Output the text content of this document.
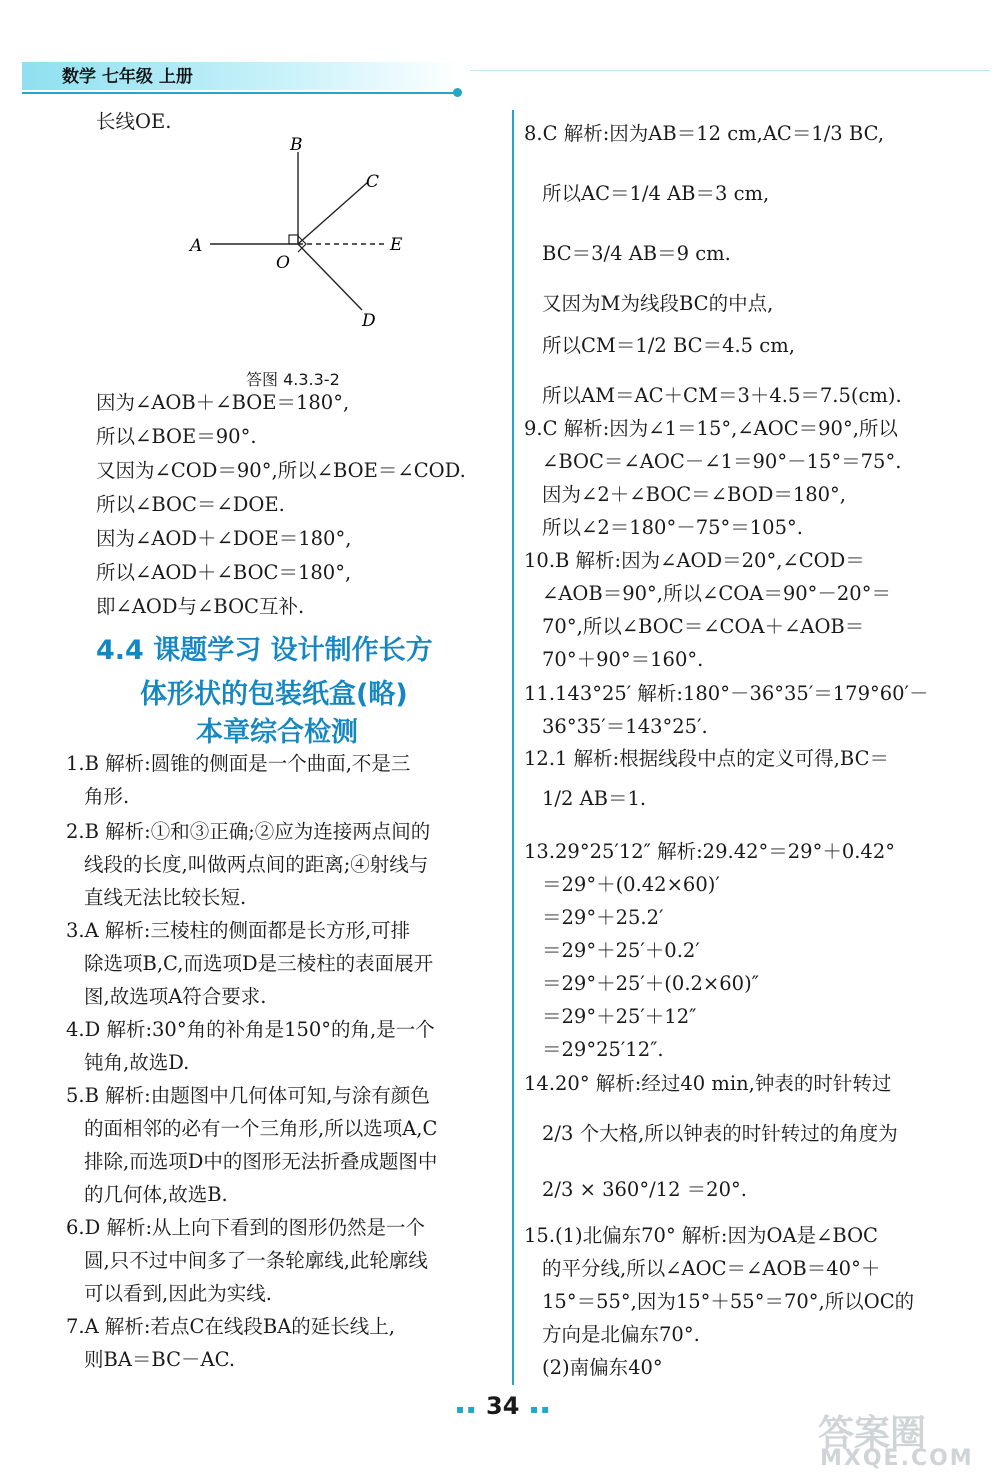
数学 七年级 上册
长线OE.
A
B
C
D
E
O
答图 4.3.3-2
因为∠AOB＋∠BOE＝180°,
所以∠BOE＝90°.
又因为∠COD＝90°,所以∠BOE＝∠COD.
所以∠BOC＝∠DOE.
因为∠AOD＋∠DOE＝180°,
所以∠AOD＋∠BOC＝180°,
即∠AOD与∠BOC互补.
4.4 课题学习 设计制作长方
体形状的包装纸盒(略)
本章综合检测
1.B 解析:圆锥的侧面是一个曲面,不是三
角形.
2.B 解析:①和③正确;②应为连接两点间的
线段的长度,叫做两点间的距离;④射线与
直线无法比较长短.
3.A 解析:三棱柱的侧面都是长方形,可排
除选项B,C,而选项D是三棱柱的表面展开
图,故选项A符合要求.
4.D 解析:30°角的补角是150°的角,是一个
钝角,故选D.
5.B 解析:由题图中几何体可知,与涂有颜色
的面相邻的必有一个三角形,所以选项A,C
排除,而选项D中的图形无法折叠成题图中
的几何体,故选B.
6.D 解析:从上向下看到的图形仍然是一个
圆,只不过中间多了一条轮廓线,此轮廓线
可以看到,因此为实线.
7.A 解析:若点C在线段BA的延长线上,
则BA＝BC－AC.
8.C 解析:因为AB＝12 cm,AC＝1/3 BC,
所以AC＝1/4 AB＝3 cm,
BC＝3/4 AB＝9 cm.
又因为M为线段BC的中点,
所以CM＝1/2 BC＝4.5 cm,
所以AM＝AC＋CM＝3＋4.5＝7.5(cm).
9.C 解析:因为∠1＝15°,∠AOC＝90°,所以
∠BOC＝∠AOC－∠1＝90°－15°＝75°.
因为∠2＋∠BOC＝∠BOD＝180°,
所以∠2＝180°－75°＝105°.
10.B 解析:因为∠AOD＝20°,∠COD＝
∠AOB＝90°,所以∠COA＝90°－20°＝
70°,所以∠BOC＝∠COA＋∠AOB＝
70°＋90°＝160°.
11.143°25′ 解析:180°－36°35′＝179°60′－
36°35′＝143°25′.
12.1 解析:根据线段中点的定义可得,BC＝
1/2 AB＝1.
13.29°25′12″ 解析:29.42°＝29°＋0.42°
＝29°＋(0.42×60)′
＝29°＋25.2′
＝29°＋25′＋0.2′
＝29°＋25′＋(0.2×60)″
＝29°＋25′＋12″
＝29°25′12″.
14.20° 解析:经过40 min,钟表的时针转过
2/3 个大格,所以钟表的时针转过的角度为
2/3 × 360°/12 ＝20°.
15.(1)北偏东70° 解析:因为OA是∠BOC
的平分线,所以∠AOC＝∠AOB＝40°＋
15°＝55°,因为15°＋55°＝70°,所以OC的
方向是北偏东70°.
(2)南偏东40°
▪▪ 34 ▪▪
答案圈
MXQE.COM
